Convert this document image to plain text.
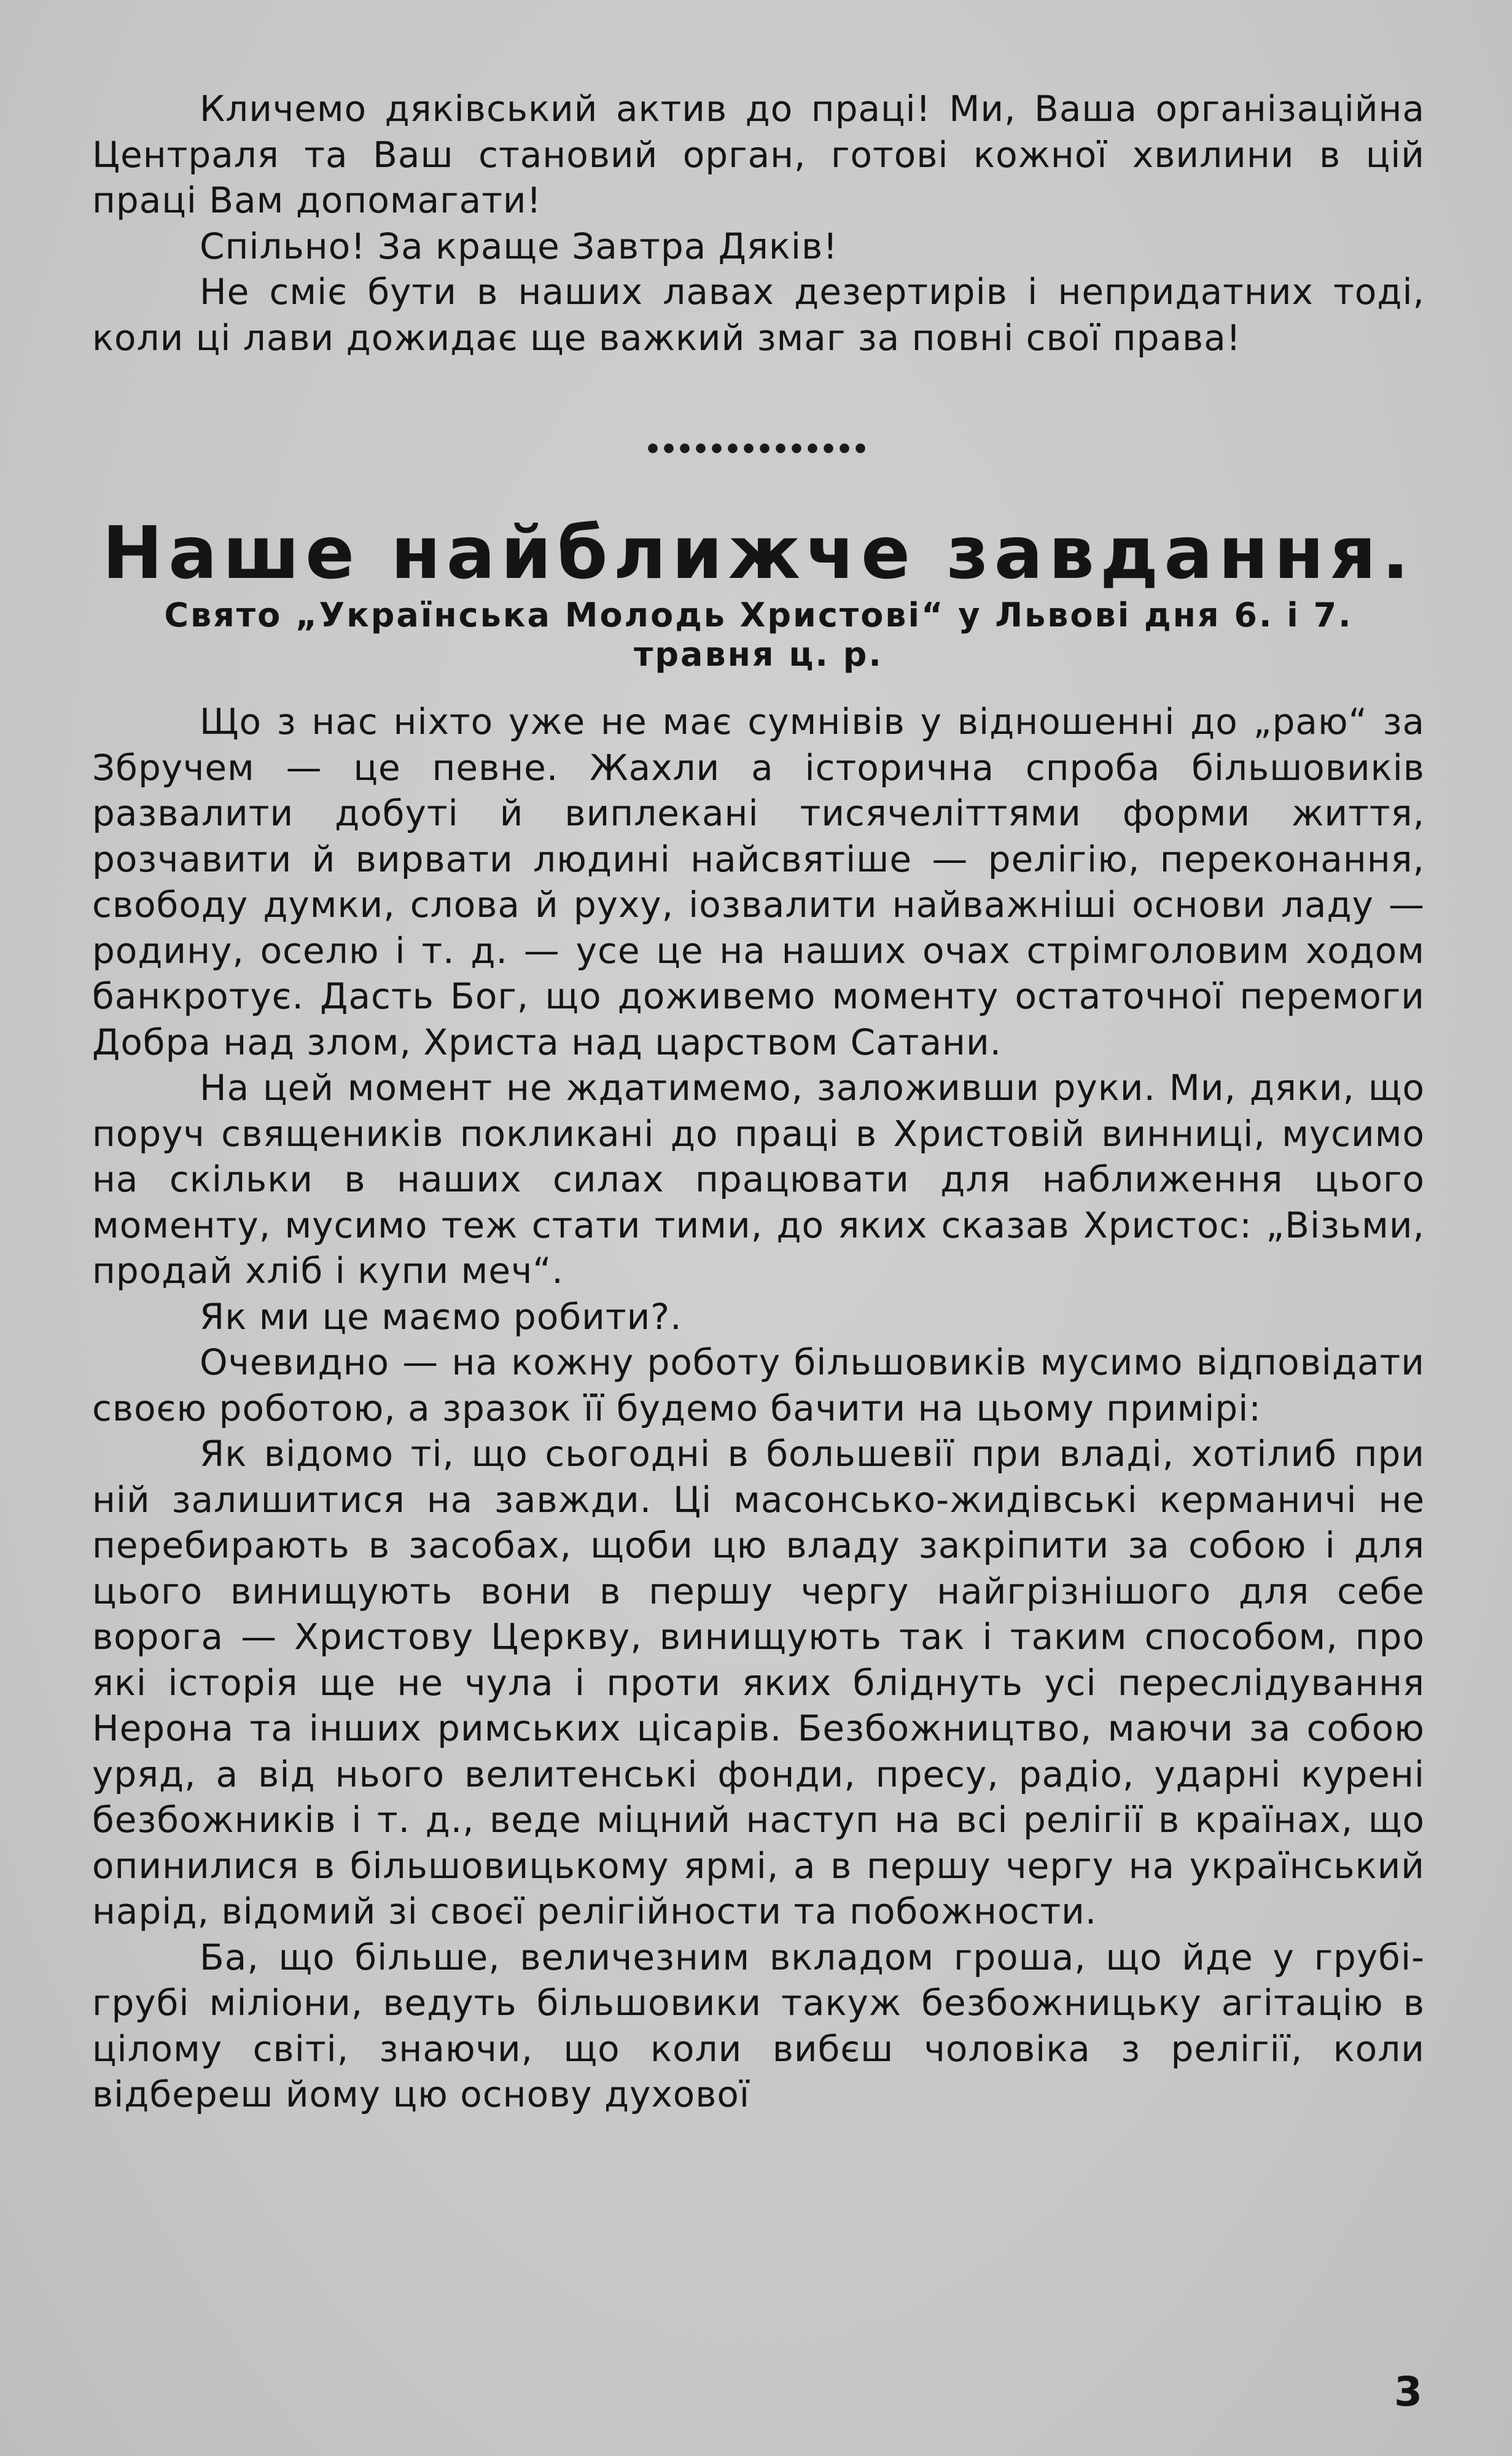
Кличемо дяківський актив до праці! Ми, Ваша організаційна Централя та Ваш становий орган, готові кожної хвилини в цій праці Вам допомагати!

Спільно! За краще Завтра Дяків!

Не сміє бути в наших лавах дезертирів і непридатних тоді, коли ці лави дожидає ще важкий змаг за повні свої права!

Наше найближче завдання.
Свято „Українська Молодь Христові“ у Львові дня 6. і 7. травня ц. р.

Що з нас ніхто уже не має сумнівів у відношенні до „раю“ за Збручем — це певне. Жахли а історична спроба більшовиків развалити добуті й виплекані тисячеліттями форми життя, розчавити й вирвати людині найсвятіше — релігію, переконання, свободу думки, слова й руху, ioзвалити найважніші основи ладу — родину, оселю і т. д. — усе це на наших очах стрімголовим ходом банкротує. Дасть Бог, що доживемо моменту остаточної перемоги Добра над злом, Христа над царством Сатани.

На цей момент не ждатимемо, заложивши руки. Ми, дяки, що поруч священиків покликані до праці в Христовій винниці, мусимо на скільки в наших силах працювати для наближення цього моменту, мусимо теж стати тими, до яких сказав Христос: „Візьми, продай хліб і купи меч“.

Як ми це маємо робити?.

Очевидно — на кожну роботу більшовиків мусимо відповідати своєю роботою, а зразок її будемо бачити на цьому примірі:

Як відомо ті, що сьогодні в большевії при владі, хотілиб при ній залишитися на завжди. Ці масонсько-жидівські керманичі не перебирають в засобах, щоби цю владу закріпити за собою і для цього винищують вони в першу чергу найгрізнішого для себе ворога — Христову Церкву, винищують так і таким способом, про які історія ще не чула і проти яких бліднуть усі переслідування Нерона та інших римських цісарів. Безбожництво, маючи за собою уряд, а від нього велитенські фонди, пресу, радіо, ударні курені безбожників і т. д., веде міцний наступ на всі релігії в країнах, що опинилися в більшовицькому ярмі, а в першу чергу на український нарід, відомий зі своєї релігійности та побожности.

Ба, що більше, величезним вкладом гроша, що йде у грубі-грубі міліони, ведуть більшовики такуж безбожницьку агітацію в цілому світі, знаючи, що коли вибєш чоловіка з релігії, коли відбереш йому цю основу духової

3
